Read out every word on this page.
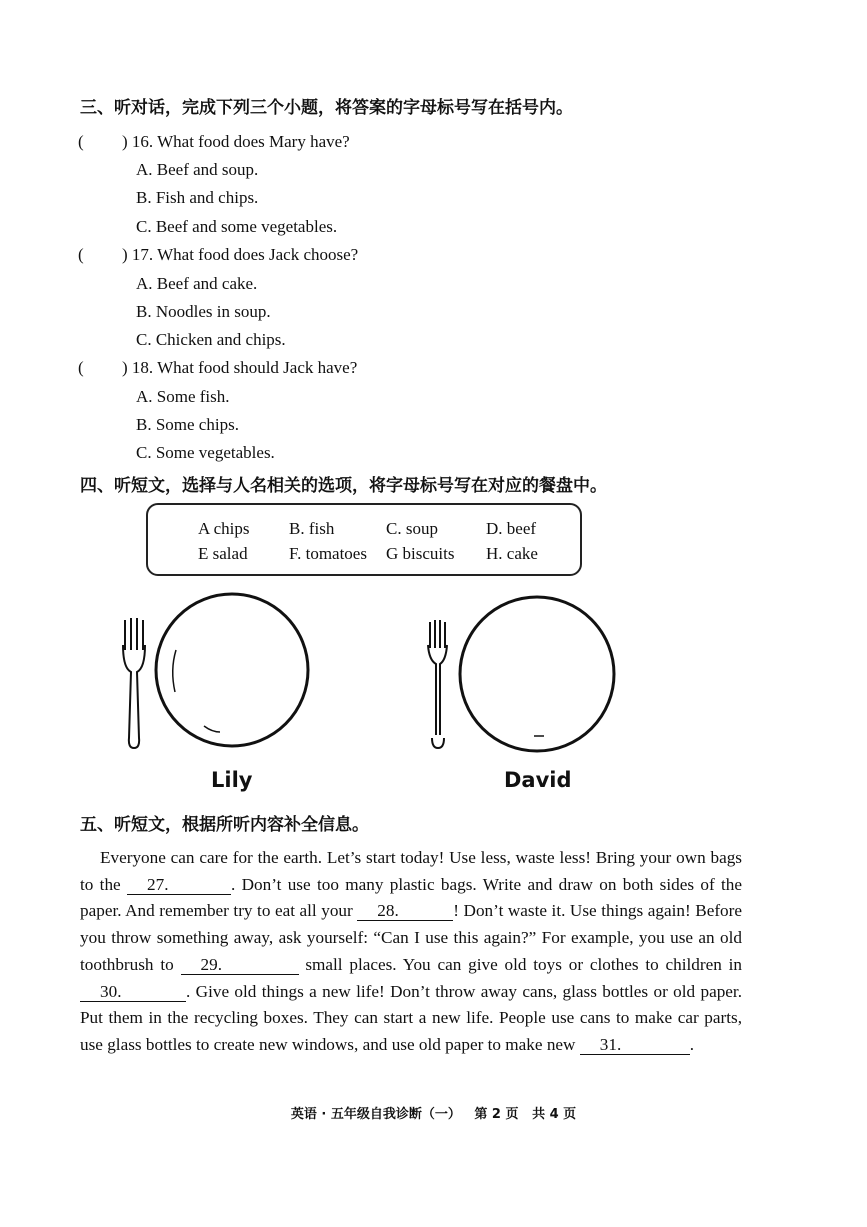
三、听对话，完成下列三个小题，将答案的字母标号写在括号内。
( ) 16. What food does Mary have?
A. Beef and soup.
B. Fish and chips.
C. Beef and some vegetables.
( ) 17. What food does Jack choose?
A. Beef and cake.
B. Noodles in soup.
C. Chicken and chips.
( ) 18. What food should Jack have?
A. Some fish.
B. Some chips.
C. Some vegetables.
四、听短文，选择与人名相关的选项，将字母标号写在对应的餐盘中。
A chips B. fish	C. soup	D. beef
E salad F. tomatoes G biscuits H. cake
Lily	David
五、听短文，根据所听内容补全信息。

Everyone can care for the earth. Let’s start today! Use less, waste less! Bring your own bags to the 27.	. Don’t use too many plastic bags. Write and draw on both sides of the paper. And remember try to eat all your 28.	! Don’t waste it. Use things again! Before you throw something away, ask yourself: “Can I use this again?” For example, you use an old toothbrush to 29.	small places. You can give old toys or clothes to children in 30.	. Give old things a new life! Don’t throw away cans, glass bottles or old paper. Put them in the recycling boxes. They can start a new life. People use cans to make car parts, use glass bottles to create new windows, and use old paper to make new 31.	.

英语 · 五年级自我诊断（一）   第 2 页   共 4 页
